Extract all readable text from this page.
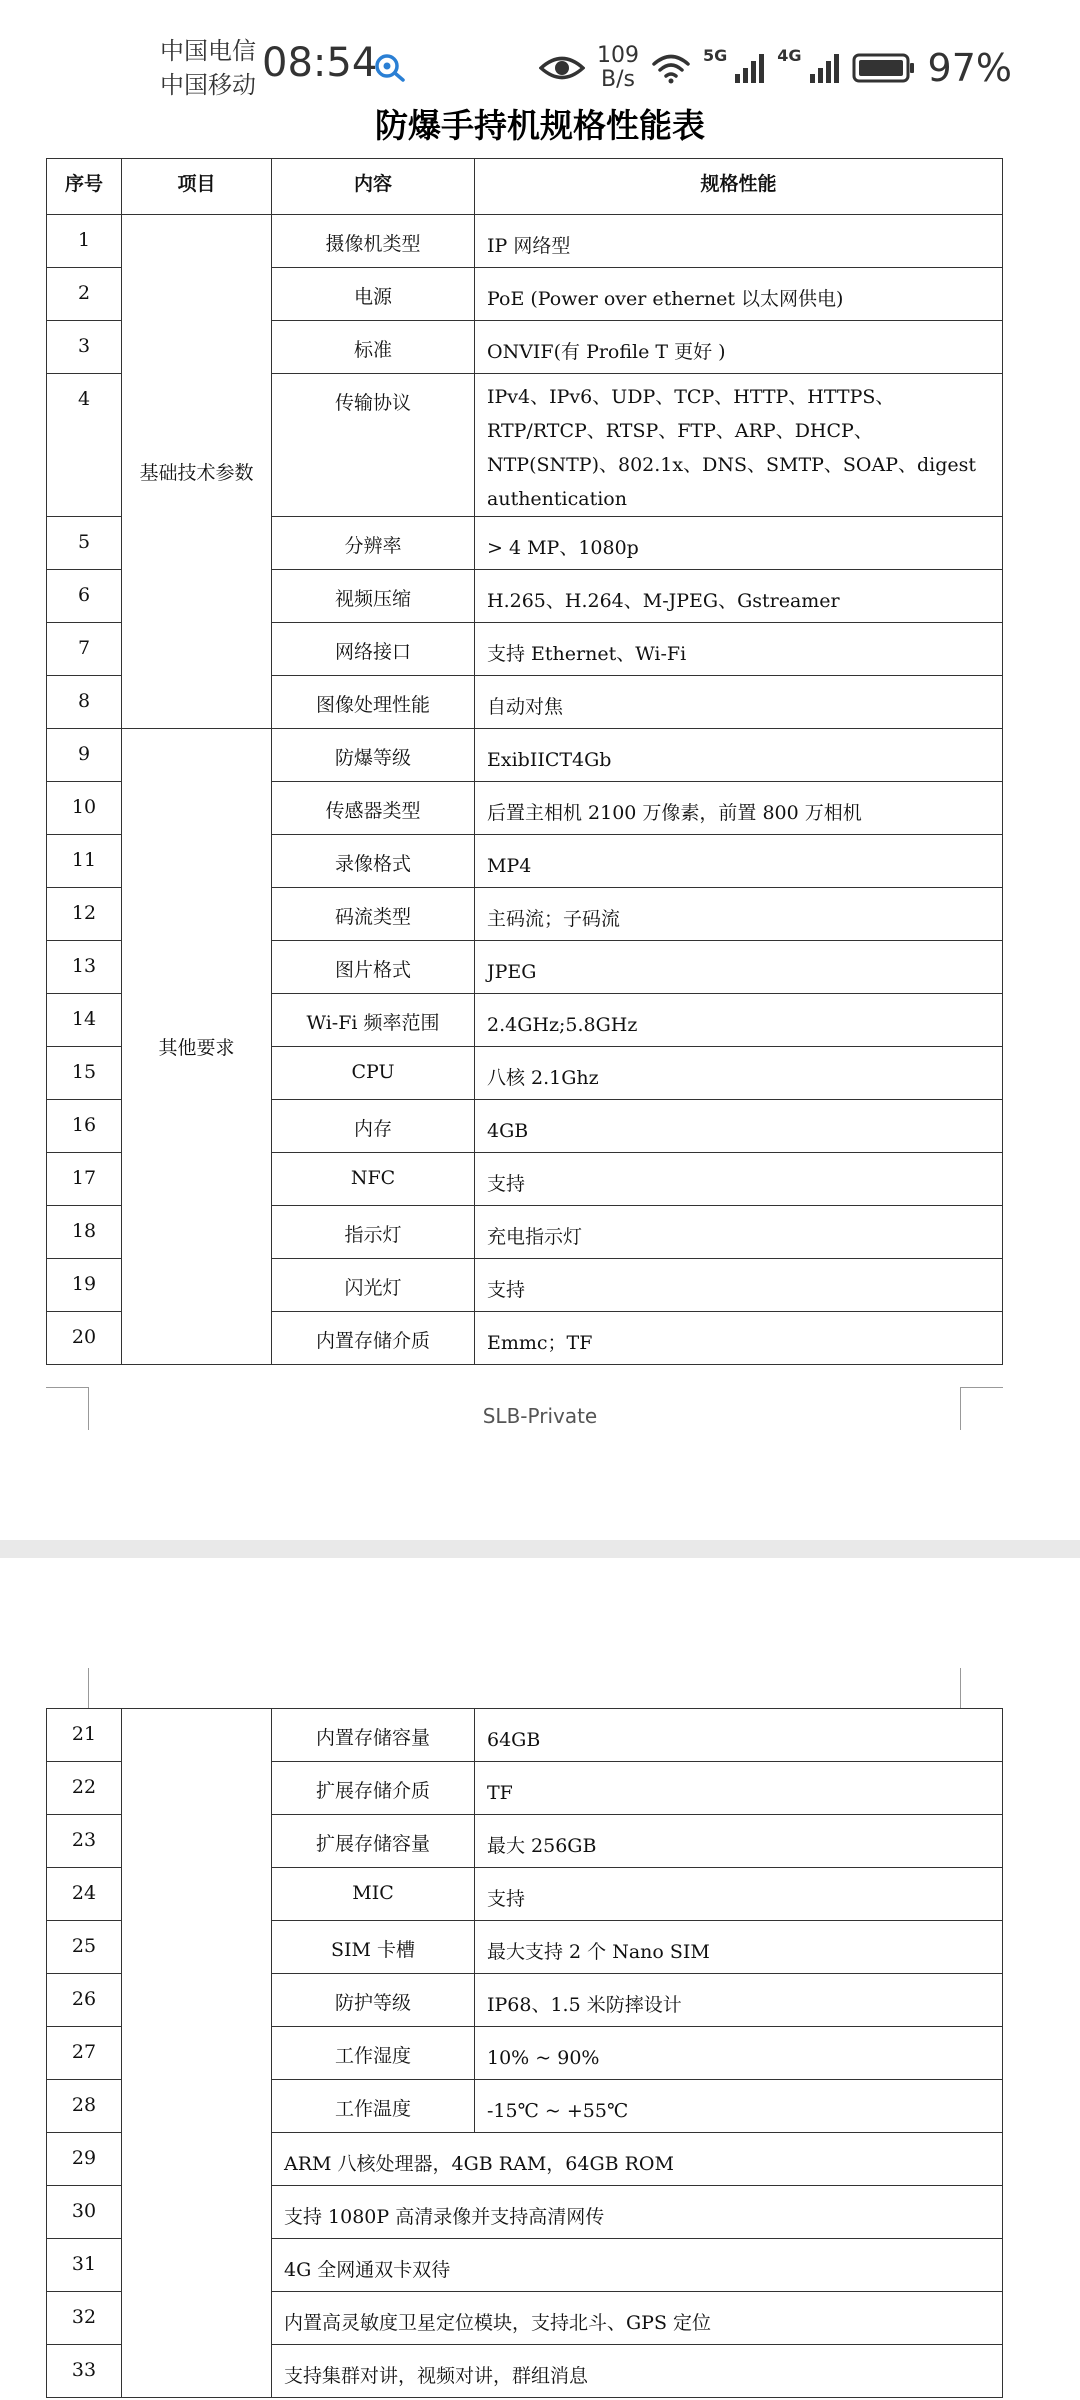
中国电信
中国移动 08:54	109
B/s
5G	4G	97%
防爆手持机规格性能表
序号	项目	内容	规格性能
1	基础技术参数	摄像机类型	IP 网络型
2		电源	PoE (Power over ethernet 以太网供电)
3		标准	ONVIF(有 Profile T 更好 )
4		传输协议	IPv4、IPv6、UDP、TCP、HTTP、HTTPS、RTP/RTCP、RTSP、FTP、ARP、DHCP、NTP(SNTP)、802.1x、DNS、SMTP、SOAP、digest authentication
5		分辨率	> 4 MP、1080p
6		视频压缩	H.265、H.264、M-JPEG、Gstreamer
7		网络接口	支持 Ethernet、Wi-Fi
8		图像处理性能	自动对焦
9	其他要求	防爆等级	ExibIICT4Gb
10		传感器类型	后置主相机 2100 万像素，前置 800 万相机
11		录像格式	MP4
12		码流类型	主码流；子码流
13		图片格式	JPEG
14		Wi-Fi 频率范围	2.4GHz;5.8GHz
15		CPU	八核 2.1Ghz
16		内存	4GB
17		NFC	支持
18		指示灯	充电指示灯
19		闪光灯	支持
20		内置存储介质	Emmc；TF
SLB-Private
21		内置存储容量	64GB
22		扩展存储介质	TF
23		扩展存储容量	最大 256GB
24		MIC	支持
25		SIM 卡槽	最大支持 2 个 Nano SIM
26		防护等级	IP68、1.5 米防摔设计
27		工作湿度	10% ~ 90%
28		工作温度	-15℃ ~ +55℃
29		ARM 八核处理器，4GB RAM，64GB ROM	
30		支持 1080P 高清录像并支持高清网传	
31		4G 全网通双卡双待	
32		内置高灵敏度卫星定位模块，支持北斗、GPS 定位	
33		支持集群对讲，视频对讲，群组消息	
